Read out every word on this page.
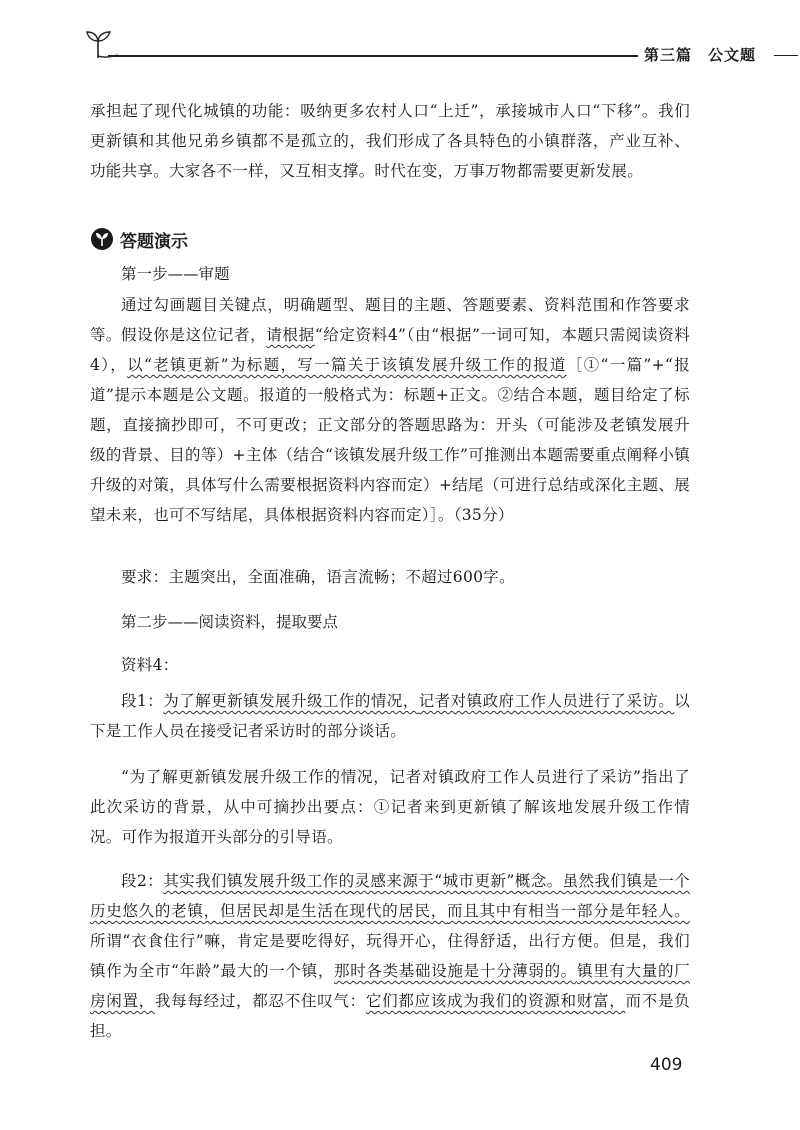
第三篇　公文题

承担起了现代化城镇的功能：吸纳更多农村人口“上迁”，承接城市人口“下移”。我们更新镇和其他兄弟乡镇都不是孤立的，我们形成了各具特色的小镇群落，产业互补、功能共享。大家各不一样，又互相支撑。时代在变，万事万物都需要更新发展。

答题演示
第一步——审题

通过勾画题目关键点，明确题型、题目的主题、答题要素、资料范围和作答要求等。 假设你是这位记者，请根据“给定资料4”（由“根据”一词可知，本题只需阅读资料4），以“老镇更新”为标题，写一篇关于该镇发展升级工作的报道［①“一篇”+“报道”提示本题是公文题。报道的一般格式为：标题+正文。②结合本题，题目给定了标题，直接摘抄即可，不可更改；正文部分的答题思路为：开头（可能涉及老镇发展升级的背景、目的等）+主体（结合“该镇发展升级工作”可推测出本题需要重点阐释小镇升级的对策，具体写什么需要根据资料内容而定）+结尾（可进行总结或深化主题、展望未来，也可不写结尾，具体根据资料内容而定）］。（35分）

要求：主题突出，全面准确，语言流畅；不超过600字。

第二步——阅读资料，提取要点

资料4：

段1：为了解更新镇发展升级工作的情况，记者对镇政府工作人员进行了采访。以下是工作人员在接受记者采访时的部分谈话。

“为了解更新镇发展升级工作的情况，记者对镇政府工作人员进行了采访”指出了此次采访的背景，从中可摘抄出要点：①记者来到更新镇了解该地发展升级工作情况。可作为报道开头部分的引导语。

段2：其实我们镇发展升级工作的灵感来源于“城市更新”概念。虽然我们镇是一个历史悠久的老镇，但居民却是生活在现代的居民，而且其中有相当一部分是年轻人。所谓“衣食住行”嘛，肯定是要吃得好，玩得开心，住得舒适，出行方便。但是，我们镇作为全市“年龄”最大的一个镇，那时各类基础设施是十分薄弱的。镇里有大量的厂房闲置，我每每经过，都忍不住叹气：它们都应该成为我们的资源和财富，而不是负担。

409
